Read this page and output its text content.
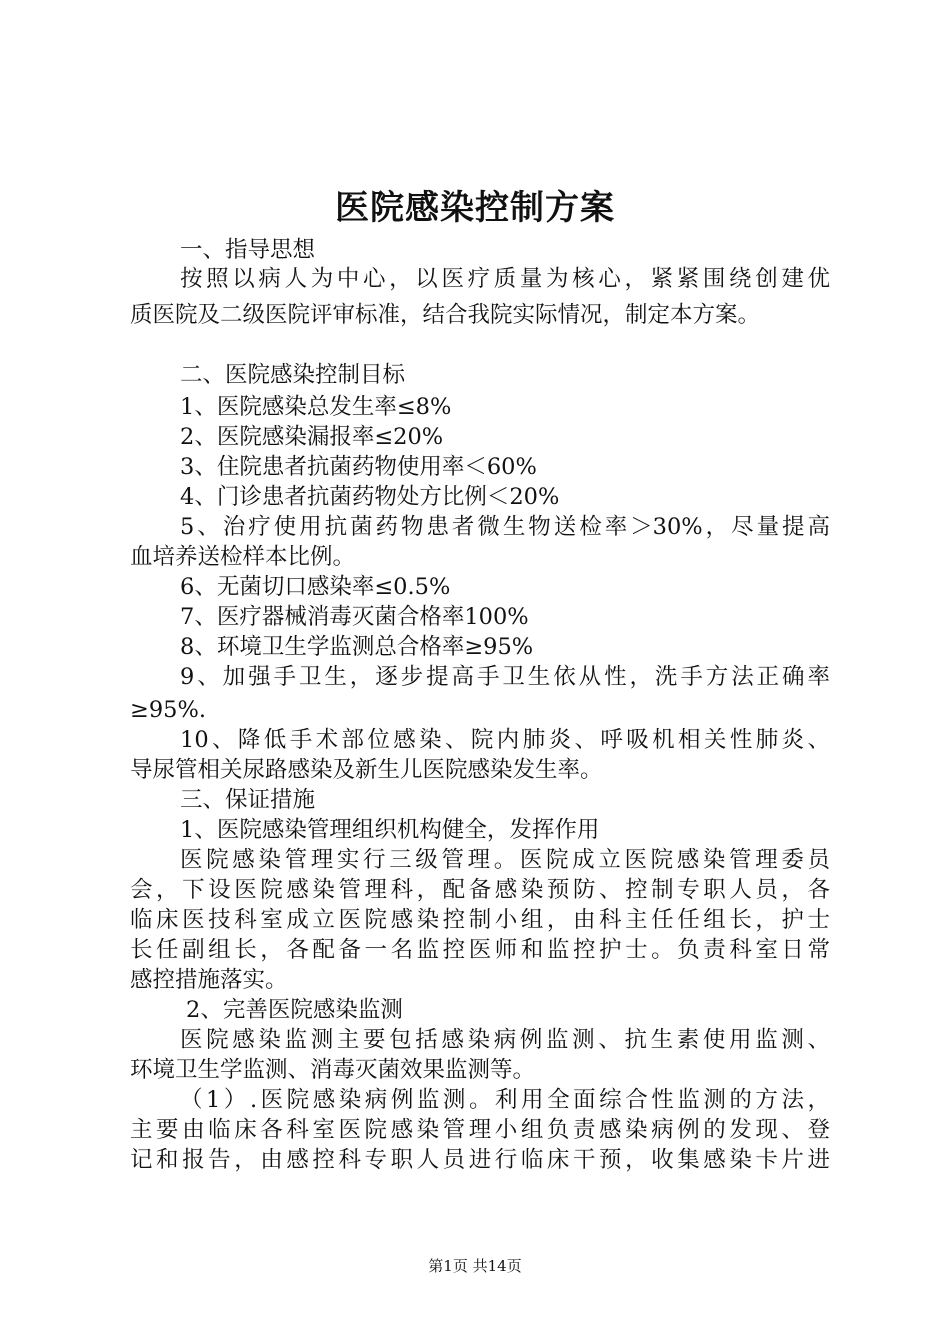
医院感染控制方案
一、指导思想
按照以病人为中心，以医疗质量为核心，紧紧围绕创建优
质医院及二级医院评审标准，结合我院实际情况，制定本方案。
二、医院感染控制目标
1、医院感染总发生率≤8%
2、医院感染漏报率≤20%
3、住院患者抗菌药物使用率＜60%
4、门诊患者抗菌药物处方比例＜20%
5、治疗使用抗菌药物患者微生物送检率＞30%，尽量提高
血培养送检样本比例。
6、无菌切口感染率≤0.5%
7、医疗器械消毒灭菌合格率100%
8、环境卫生学监测总合格率≥95%
9、加强手卫生，逐步提高手卫生依从性，洗手方法正确率
≥95%.
10、降低手术部位感染、院内肺炎、呼吸机相关性肺炎、
导尿管相关尿路感染及新生儿医院感染发生率。
三、保证措施
1、医院感染管理组织机构健全，发挥作用
医院感染管理实行三级管理。医院成立医院感染管理委员
会，下设医院感染管理科，配备感染预防、控制专职人员，各
临床医技科室成立医院感染控制小组，由科主任任组长，护士
长任副组长，各配备一名监控医师和监控护士。负责科室日常
感控措施落实。
2、完善医院感染监测
医院感染监测主要包括感染病例监测、抗生素使用监测、
环境卫生学监测、消毒灭菌效果监测等。
（1）.医院感染病例监测。利用全面综合性监测的方法，
主要由临床各科室医院感染管理小组负责感染病例的发现、登
记和报告，由感控科专职人员进行临床干预，收集感染卡片进
第1页 共14页
